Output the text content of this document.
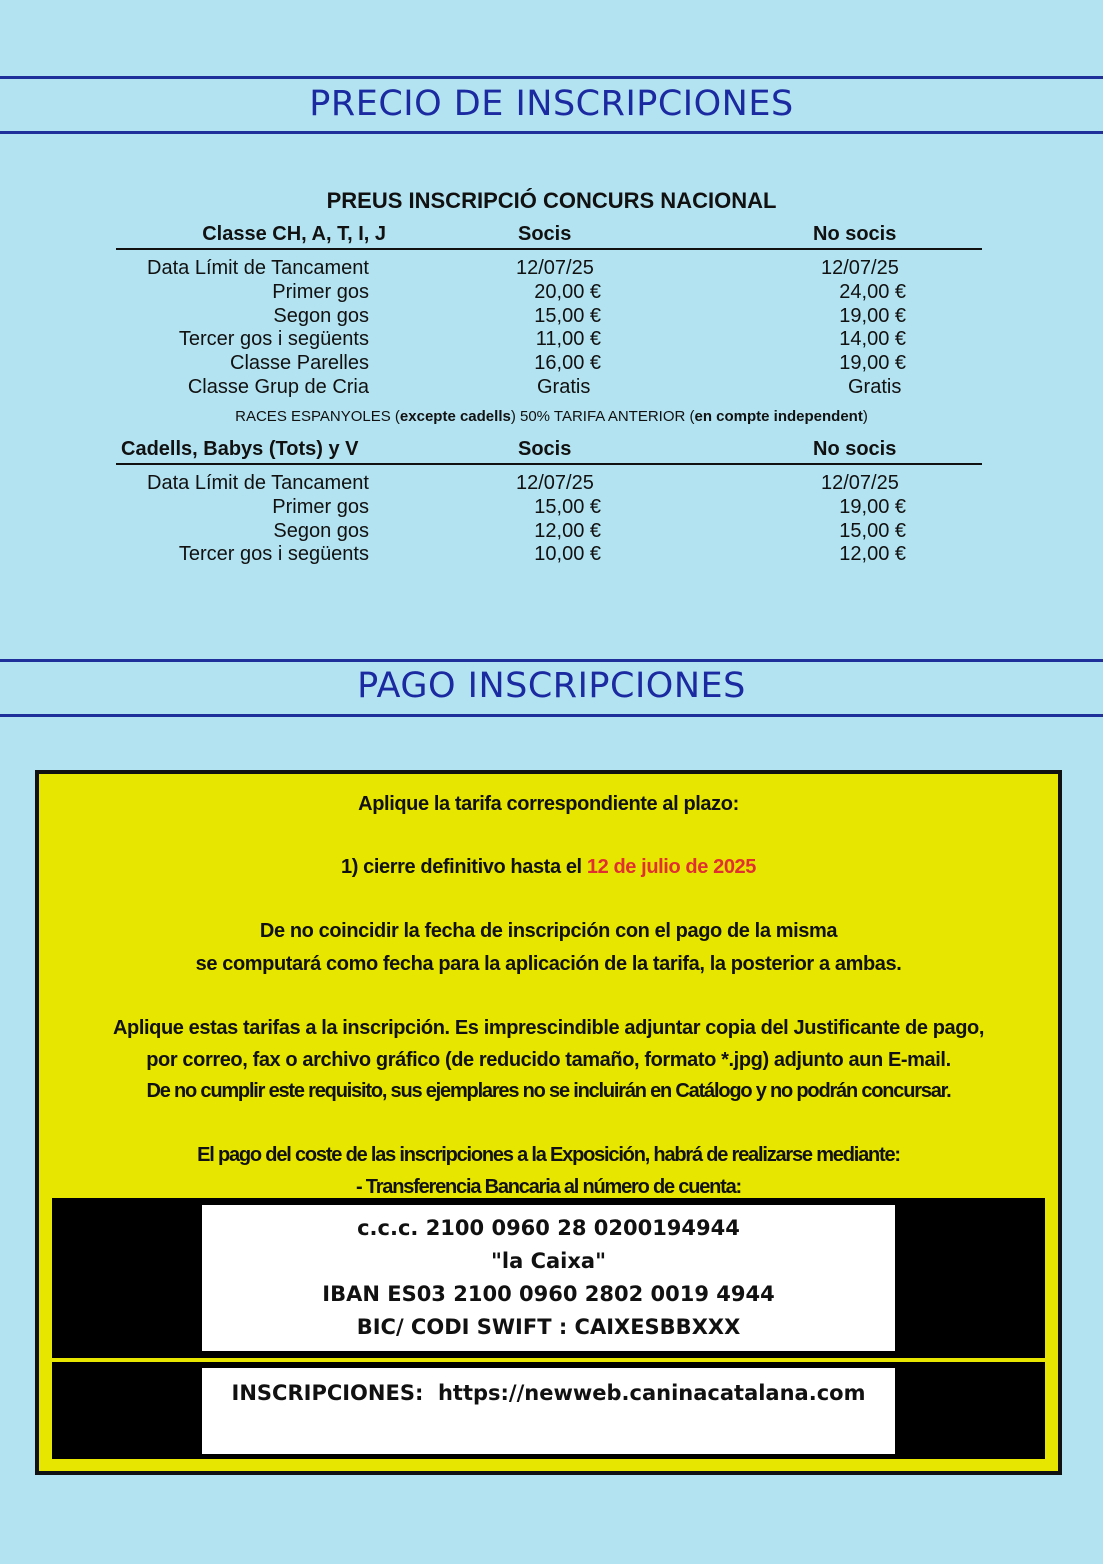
PRECIO DE INSCRIPCIONES
PREUS INSCRIPCIÓ CONCURS NACIONAL
Classe CH, A, T, I, J	Socis	No socis
Data Límit de Tancament	12/07/25	12/07/25
Primer gos	20,00 €	24,00 €
Segon gos	15,00 €	19,00 €
Tercer gos i següents	11,00 €	14,00 €
Classe Parelles	16,00 €	19,00 €
Classe Grup de Cria	Gratis	Gratis
RACES ESPANYOLES (excepte cadells) 50% TARIFA ANTERIOR (en compte independent)
Cadells, Babys (Tots) y V	Socis	No socis
Data Límit de Tancament	12/07/25	12/07/25
Primer gos	15,00 €	19,00 €
Segon gos	12,00 €	15,00 €
Tercer gos i següents	10,00 €	12,00 €
PAGO INSCRIPCIONES
Aplique la tarifa correspondiente al plazo:
1) cierre definitivo hasta el 12 de julio de 2025
De no coincidir la fecha de inscripción con el pago de la misma
se computará como fecha para la aplicación de la tarifa, la posterior a ambas.
Aplique estas tarifas a la inscripción. Es imprescindible adjuntar copia del Justificante de pago,
por correo, fax o archivo gráfico (de reducido tamaño, formato *.jpg) adjunto aun E-mail.
De no cumplir este requisito, sus ejemplares no se incluirán en Catálogo y no podrán concursar.
El pago del coste de las inscripciones a la Exposición, habrá de realizarse mediante:
- Transferencia Bancaria al número de cuenta:
c.c.c. 2100 0960 28 0200194944
"la Caixa"
IBAN ES03 2100 0960 2802 0019 4944
BIC/ CODI SWIFT : CAIXESBBXXX
INSCRIPCIONES:  https://newweb.caninacatalana.com
